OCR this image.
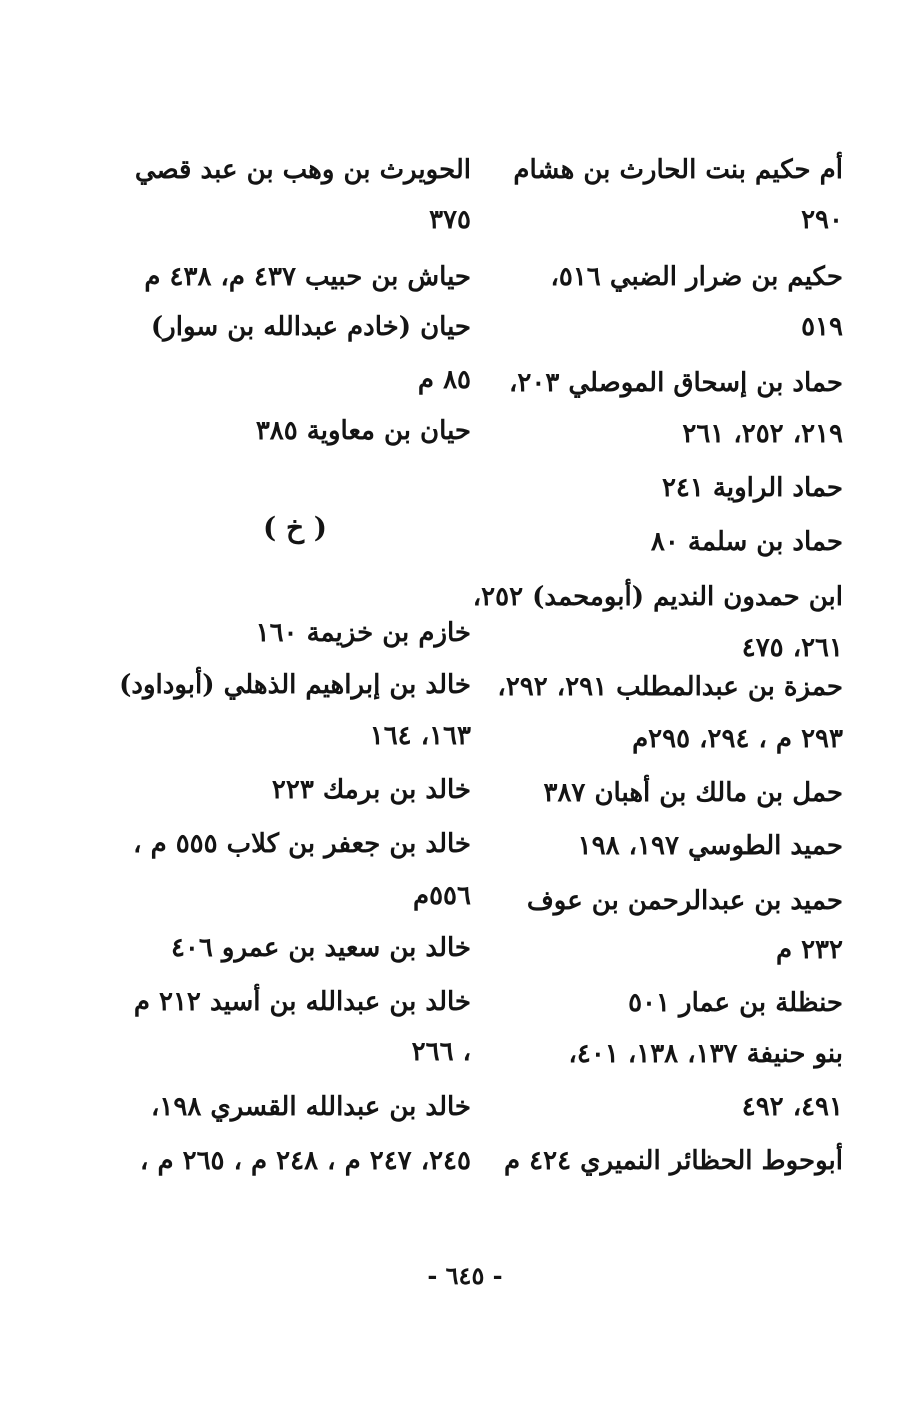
أم حكيم بنت الحارث بن هشام
٢٩٠
حكيم بن ضرار الضبي ٥١٦،
٥١٩
حماد بن إسحاق الموصلي ٢٠٣،
٢١٩، ٢٥٢، ٢٦١
حماد الراوية ٢٤١
حماد بن سلمة ٨٠
ابن حمدون النديم (أبومحمد) ٢٥٢،
٢٦١، ٤٧٥
حمزة بن عبدالمطلب ٢٩١، ٢٩٢،
٢٩٣ م ، ٢٩٤، ٢٩٥م
حمل بن مالك بن أهبان ٣٨٧
حميد الطوسي ١٩٧، ١٩٨
حميد بن عبدالرحمن بن عوف
٢٣٢ م
حنظلة بن عمار ٥٠١
بنو حنيفة ١٣٧، ١٣٨، ٤٠١،
٤٩١، ٤٩٢
أبوحوط الحظائر النميري ٤٢٤ م
الحويرث بن وهب بن عبد قصي
٣٧٥
حياش بن حبيب ٤٣٧ م، ٤٣٨ م
حيان (خادم عبدالله بن سوار)
٨٥ م
حيان بن معاوية ٣٨٥
خازم بن خزيمة ١٦٠
خالد بن إبراهيم الذهلي (أبوداود)
١٦٣، ١٦٤
خالد بن برمك ٢٢٣
خالد بن جعفر بن كلاب ٥٥٥ م ،
٥٥٦م
خالد بن سعيد بن عمرو ٤٠٦
خالد بن عبدالله بن أسيد ٢١٢ م
، ٢٦٦
خالد بن عبدالله القسري ١٩٨،
٢٤٥، ٢٤٧ م ، ٢٤٨ م ، ٢٦٥ م ،
( خ )
- ٦٤٥ -
